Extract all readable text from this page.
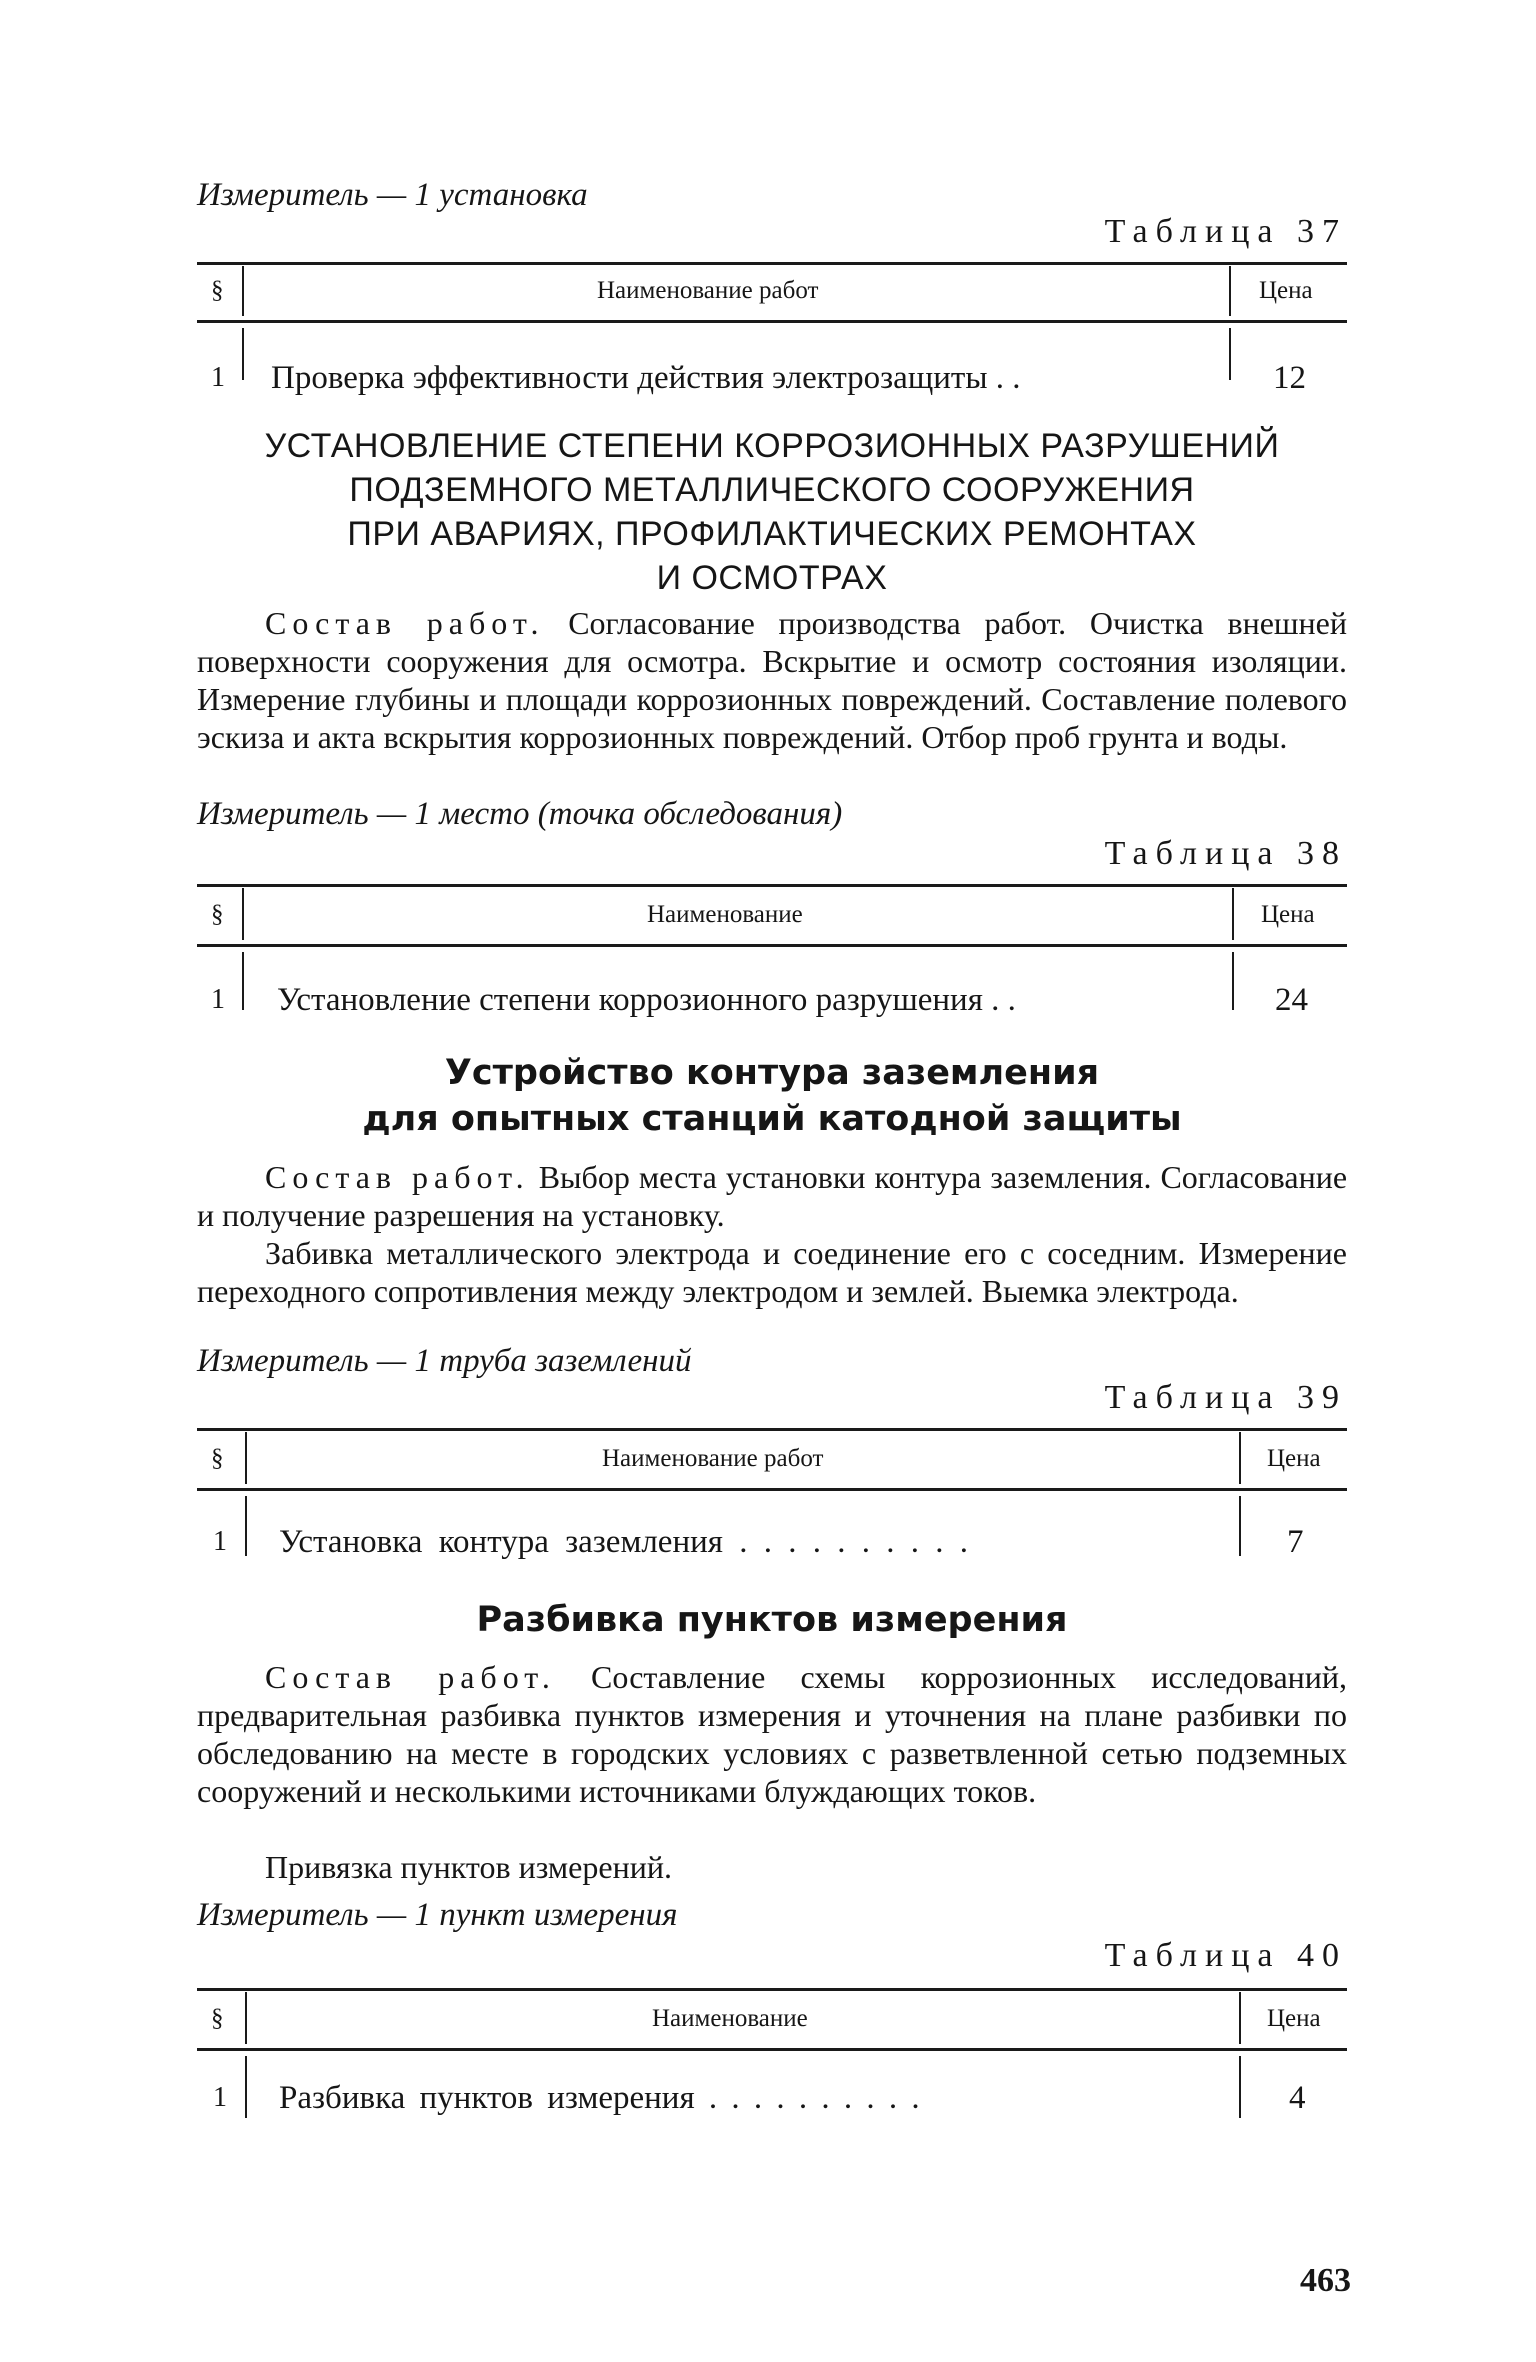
Измеритель — 1 установка
Таблица 37
§	Наименование работ	Цена
1 Проверка эффективности действия электрозащиты . .	12
УСТАНОВЛЕНИЕ СТЕПЕНИ КОРРОЗИОННЫХ РАЗРУШЕНИЙ
ПОДЗЕМНОГО МЕТАЛЛИЧЕСКОГО СООРУЖЕНИЯ
ПРИ АВАРИЯХ, ПРОФИЛАКТИЧЕСКИХ РЕМОНТАХ
И ОСМОТРАХ
Состав работ. Согласование производства работ. Очистка внешней поверхности сооружения для осмотра. Вскрытие и осмотр состояния изоляции. Измерение глубины и площади коррозионных повреждений. Составление полевого эскиза и акта вскрытия коррозионных повреждений. Отбор проб грунта и воды.
Измеритель — 1 место (точка обследования)
Таблица 38
§	Наименование	Цена
1 Установление степени коррозионного разрушения . .	24
Устройство контура заземления
для опытных станций катодной защиты
Состав работ. Выбор места установки контура заземления. Согласование и получение разрешения на установку.
Забивка металлического электрода и соединение его с соседним. Измерение переходного сопротивления между электродом и землей. Выемка электрода.
Измеритель — 1 труба заземлений
Таблица 39
§	Наименование работ	Цена
1 Установка контура заземления . . . . . . . . . .	7
Разбивка пунктов измерения
Состав работ. Составление схемы коррозионных исследований, предварительная разбивка пунктов измерения и уточнения на плане разбивки по обследованию на месте в городских условиях с разветвленной сетью подземных сооружений и несколькими источниками блуждающих токов.
Привязка пунктов измерений.
Измеритель — 1 пункт измерения
Таблица 40
§	Наименование	Цена
1 Разбивка пунктов измерения . . . . . . . . . .	4
463
